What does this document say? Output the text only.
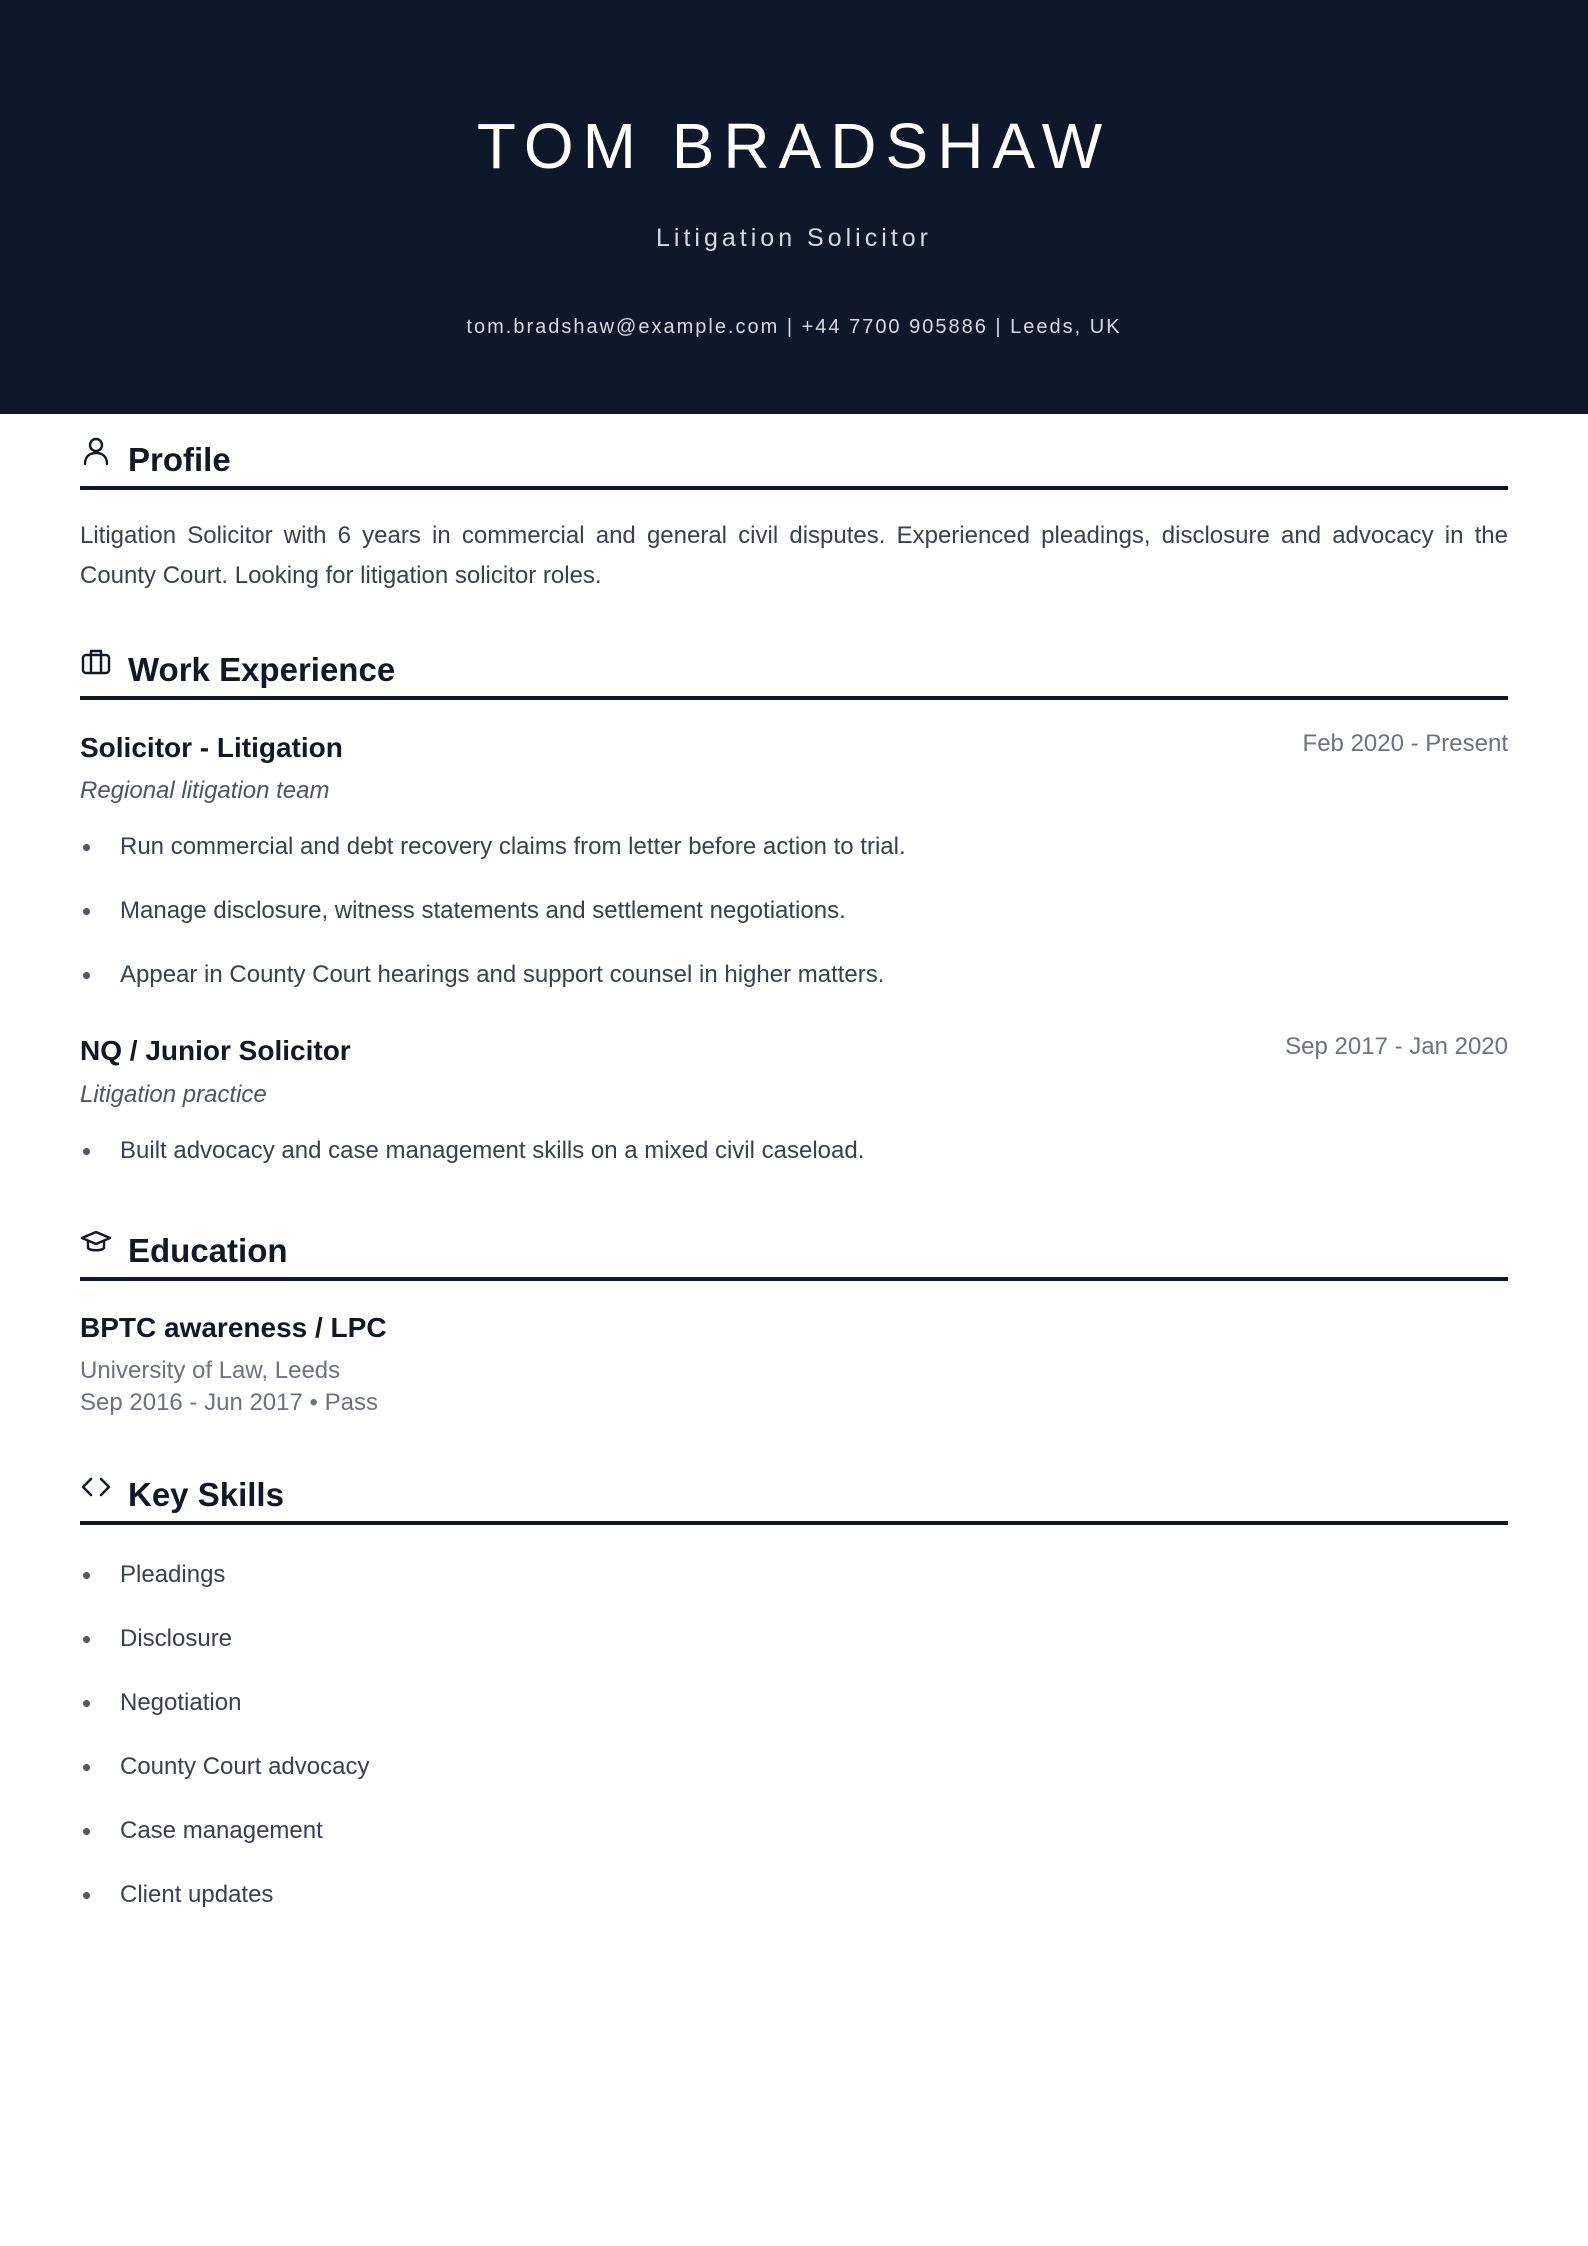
TOM BRADSHAW
Litigation Solicitor
tom.bradshaw@example.com | +44 7700 905886 | Leeds, UK
Profile
Litigation Solicitor with 6 years in commercial and general civil disputes. Experienced pleadings, disclosure and advocacy in the County Court. Looking for litigation solicitor roles.
Work Experience
Solicitor - Litigation	Feb 2020 - Present
Regional litigation team
Run commercial and debt recovery claims from letter before action to trial.
Manage disclosure, witness statements and settlement negotiations.
Appear in County Court hearings and support counsel in higher matters.
NQ / Junior Solicitor	Sep 2017 - Jan 2020
Litigation practice
Built advocacy and case management skills on a mixed civil caseload.
Education
BPTC awareness / LPC
University of Law, Leeds
Sep 2016 - Jun 2017 • Pass
Key Skills
Pleadings
Disclosure
Negotiation
County Court advocacy
Case management
Client updates
